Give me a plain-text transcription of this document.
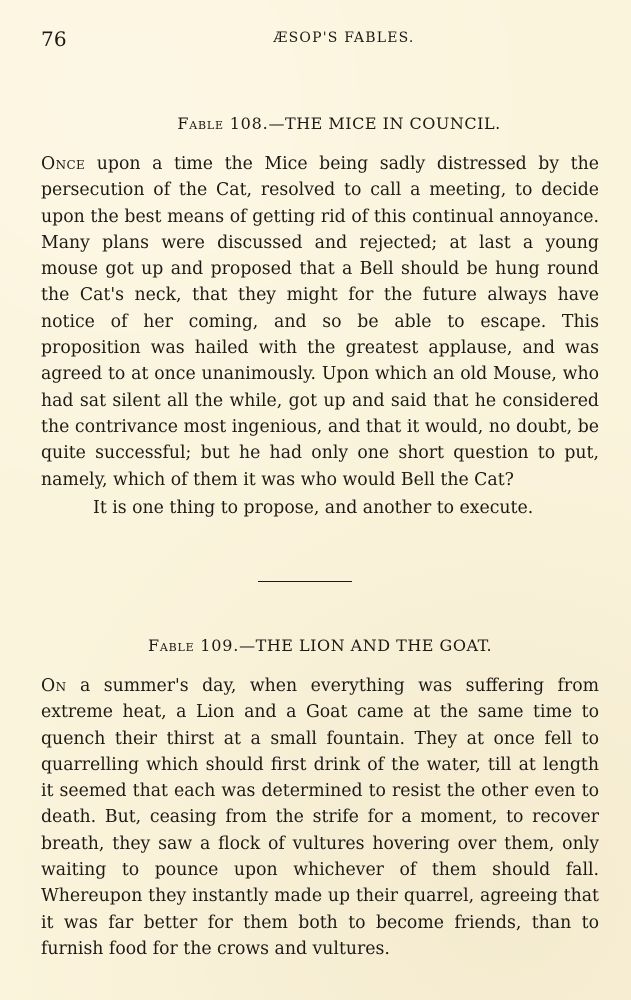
76	ÆSOP'S FABLES.
Fable 108.—THE MICE IN COUNCIL.

Once upon a time the Mice being sadly distressed by the persecution of the Cat, resolved to call a meeting, to decide upon the best means of getting rid of this continual annoyance. Many plans were discussed and rejected; at last a young mouse got up and proposed that a Bell should be hung round the Cat's neck, that they might for the future always have notice of her coming, and so be able to escape. This proposition was hailed with the greatest applause, and was agreed to at once unanimously. Upon which an old Mouse, who had sat silent all the while, got up and said that he considered the contrivance most ingenious, and that it would, no doubt, be quite successful; but he had only one short question to put, namely, which of them it was who would Bell the Cat?

It is one thing to propose, and another to execute.

Fable 109.—THE LION AND THE GOAT.

On a summer's day, when everything was suffering from extreme heat, a Lion and a Goat came at the same time to quench their thirst at a small fountain. They at once fell to quarrelling which should first drink of the water, till at length it seemed that each was determined to resist the other even to death. But, ceasing from the strife for a moment, to recover breath, they saw a flock of vultures hovering over them, only waiting to pounce upon whichever of them should fall. Whereupon they instantly made up their quarrel, agreeing that it was far better for them both to become friends, than to furnish food for the crows and vultures.
